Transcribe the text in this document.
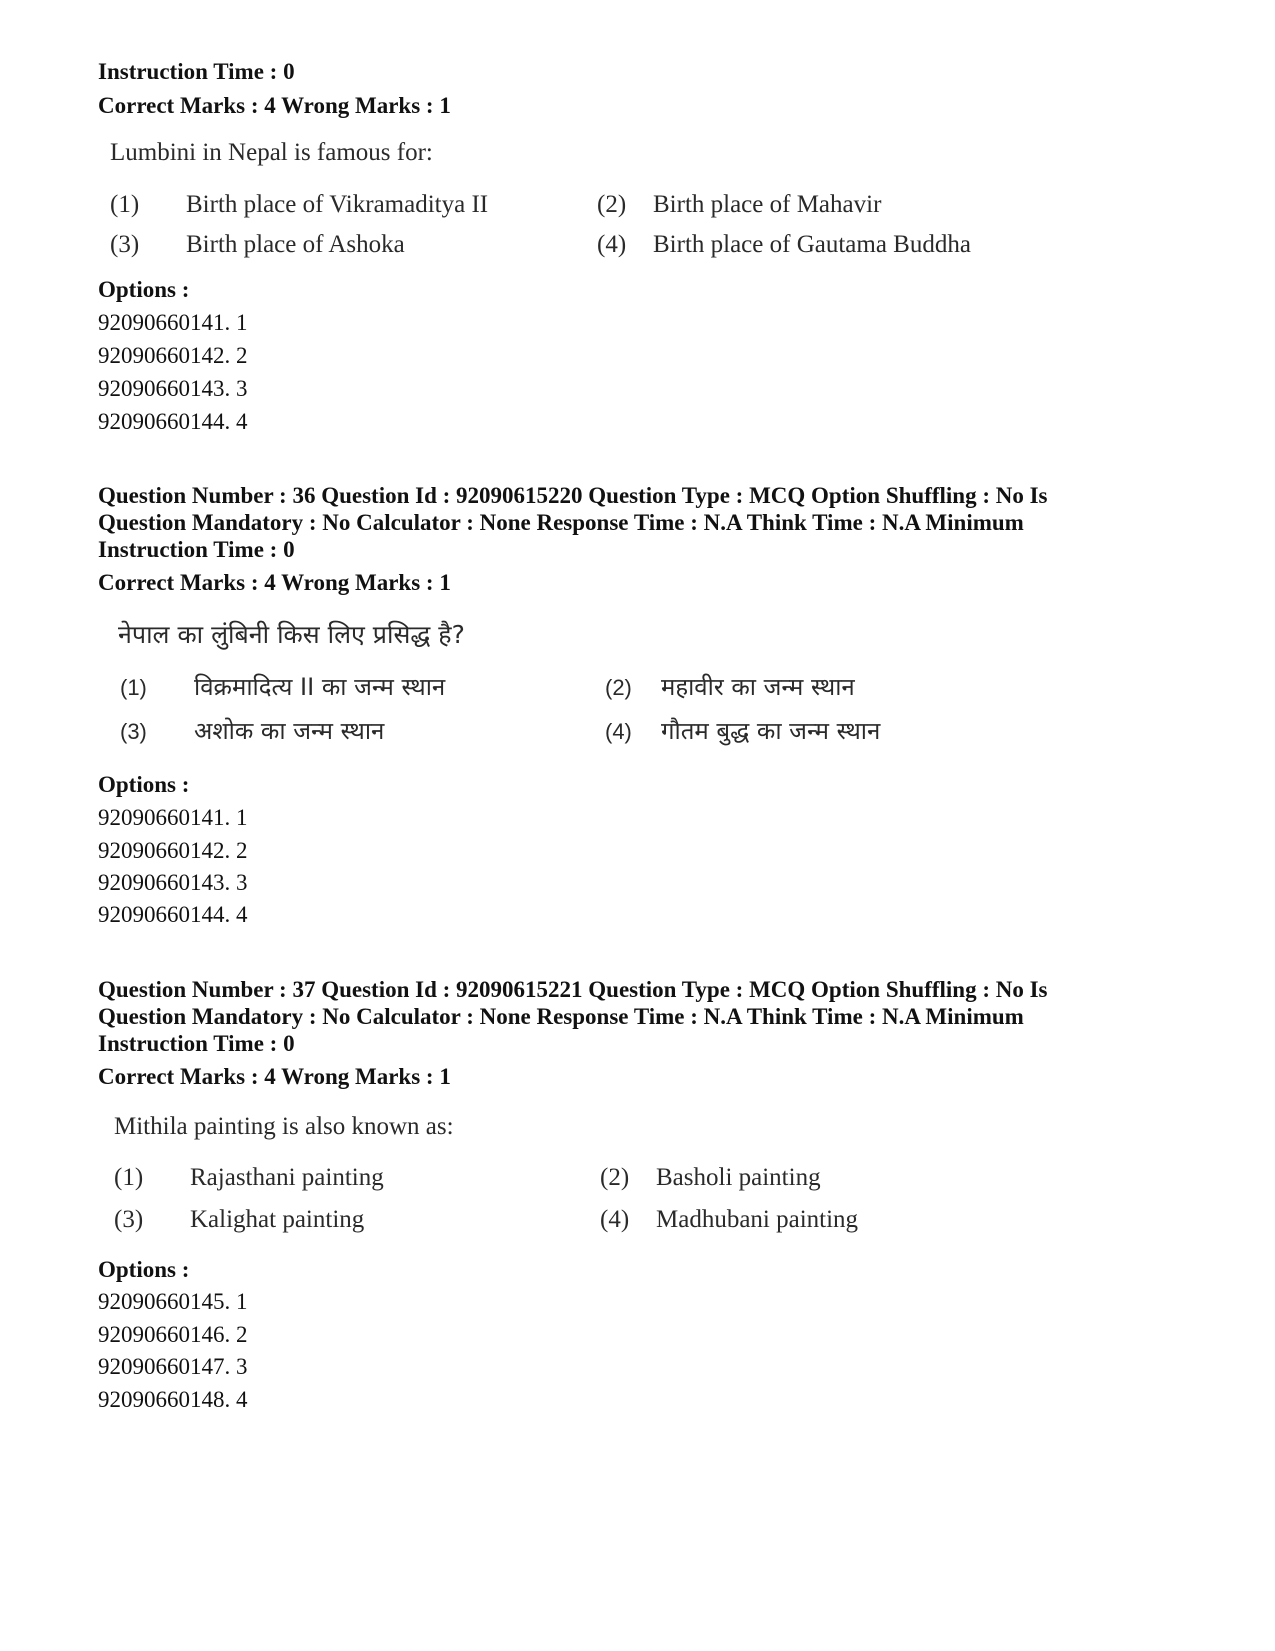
Instruction Time : 0
Correct Marks : 4 Wrong Marks : 1
Lumbini in Nepal is famous for:
(1) Birth place of Vikramaditya II	(2) Birth place of Mahavir
(3) Birth place of Ashoka	(4) Birth place of Gautama Buddha
Options :
92090660141. 1
92090660142. 2
92090660143. 3
92090660144. 4
Question Number : 36 Question Id : 92090615220 Question Type : MCQ Option Shuffling : No Is
Question Mandatory : No Calculator : None Response Time : N.A Think Time : N.A Minimum
Instruction Time : 0
Correct Marks : 4 Wrong Marks : 1
नेपाल का लुंबिनी किस लिए प्रसिद्ध है?
(1) विक्रमादित्य II का जन्म स्थान	(2) महावीर का जन्म स्थान
(3) अशोक का जन्म स्थान	(4) गौतम बुद्ध का जन्म स्थान
Options :
92090660141. 1
92090660142. 2
92090660143. 3
92090660144. 4
Question Number : 37 Question Id : 92090615221 Question Type : MCQ Option Shuffling : No Is
Question Mandatory : No Calculator : None Response Time : N.A Think Time : N.A Minimum
Instruction Time : 0
Correct Marks : 4 Wrong Marks : 1
Mithila painting is also known as:
(1) Rajasthani painting	(2) Basholi painting
(3) Kalighat painting	(4) Madhubani painting
Options :
92090660145. 1
92090660146. 2
92090660147. 3
92090660148. 4
